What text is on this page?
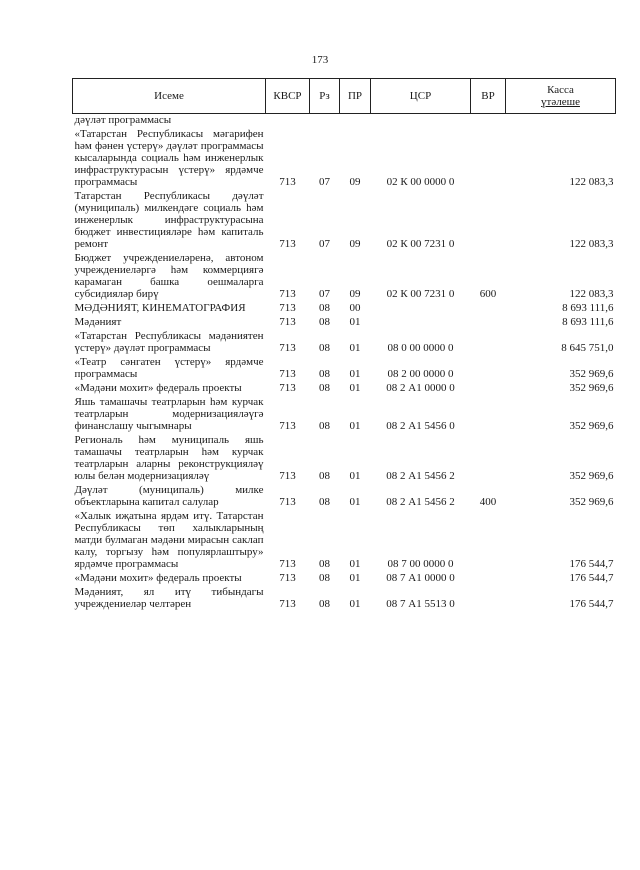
173
Исеме	КВСР	Рз	ПР	ЦСР	ВР	Касса
үтәлеше

дәүләт программасы						
«Татарстан Республикасы мәгарифен һәм фәнен үстерү» дәүләт программасы кысаларында социаль һәм инженерлык инфраструктурасын үстерү» ярдәмче программасы	713	07	09	02 К 00 0000 0		122 083,3
Татарстан Республикасы дәүләт (муниципаль) милкендәге социаль һәм инженерлык инфраструктурасына бюджет инвестицияләре һәм капиталь ремонт	713	07	09	02 К 00 7231 0		122 083,3
Бюджет учреждениеләренә, автоном учреждениеләргә һәм коммерциягә карамаган башка оешмаларга субсидияләр бирү	713	07	09	02 К 00 7231 0	600	122 083,3
МӘДӘНИЯТ, КИНЕМАТОГРАФИЯ	713	08	00			8 693 111,6
Мәдәният	713	08	01			8 693 111,6
«Татарстан Республикасы мәдәниятен үстерү» дәүләт программасы	713	08	01	08 0 00 0000 0		8 645 751,0
«Театр сәнгатен үстерү» ярдәмче программасы	713	08	01	08 2 00 0000 0		352 969,6
«Мәдәни мохит» федераль проекты	713	08	01	08 2 А1 0000 0		352 969,6
Яшь тамашачы театрларын һәм курчак театрларын модернизацияләүгә финанслашу чыгымнары	713	08	01	08 2 А1 5456 0		352 969,6
Региональ һәм муниципаль яшь тамашачы театрларын һәм курчак театрларын аларны реконструкцияләү юлы белән модернизацияләү	713	08	01	08 2 А1 5456 2		352 969,6
Дәүләт (муниципаль) милке объектларына капитал салулар	713	08	01	08 2 А1 5456 2	400	352 969,6
«Халык иҗатына ярдәм итү. Татарстан Республикасы төп халыкларының матди булмаган мәдәни мирасын саклап калу, торгызу һәм популярлаштыру» ярдәмче программасы	713	08	01	08 7 00 0000 0		176 544,7
«Мәдәни мохит» федераль проекты	713	08	01	08 7 А1 0000 0		176 544,7
Мәдәният, ял итү тибындагы учреждениеләр челтәрен	713	08	01	08 7 А1 5513 0		176 544,7
